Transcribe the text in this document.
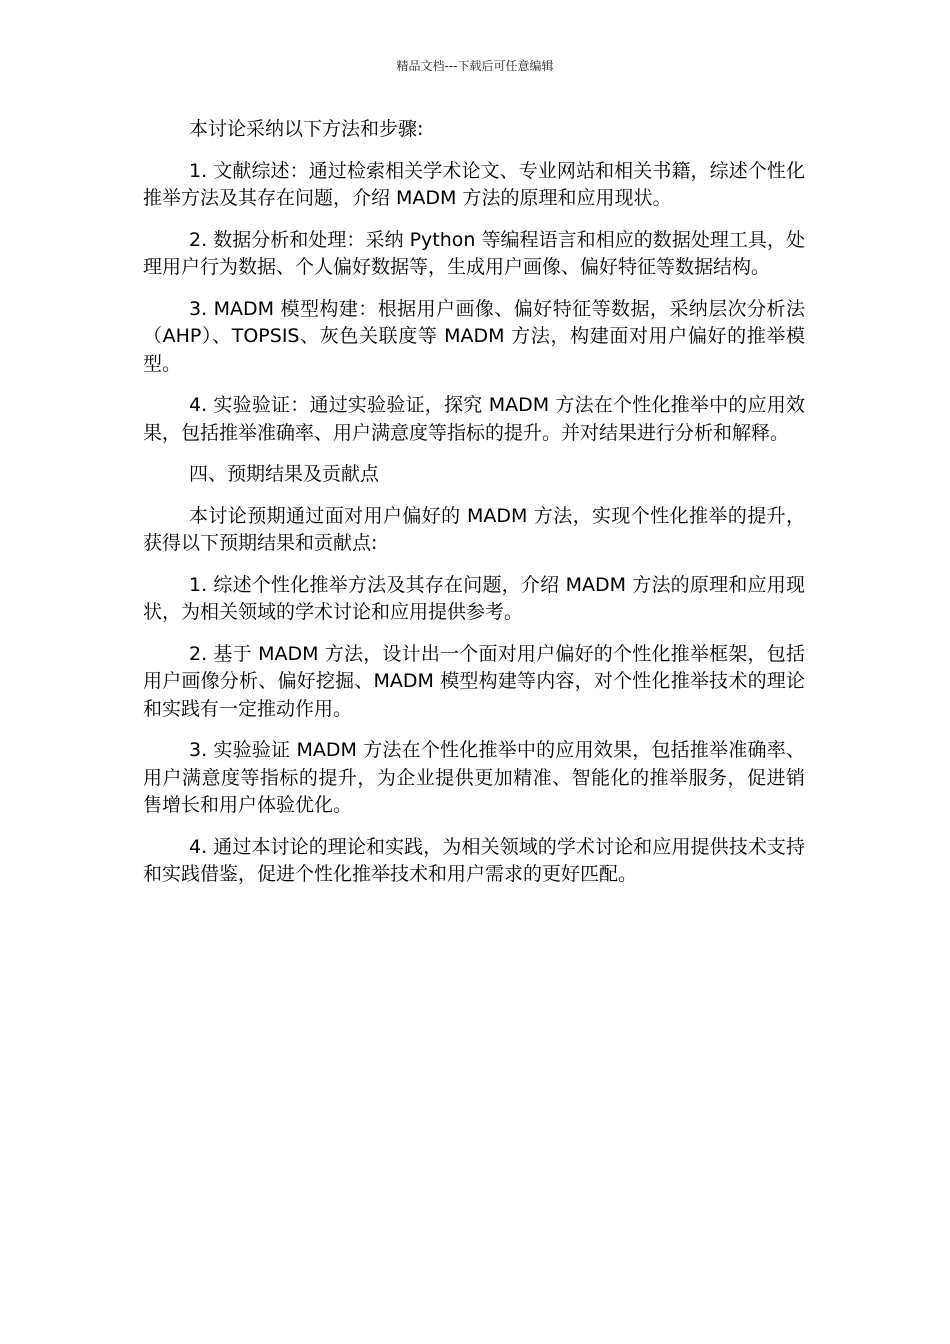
精品文档---下载后可任意编辑

本讨论采纳以下方法和步骤:

1. 文献综述：通过检索相关学术论文、专业网站和相关书籍，综述个性化推举方法及其存在问题，介绍 MADM 方法的原理和应用现状。

2. 数据分析和处理：采纳 Python 等编程语言和相应的数据处理工具，处理用户行为数据、个人偏好数据等，生成用户画像、偏好特征等数据结构。

3. MADM 模型构建：根据用户画像、偏好特征等数据，采纳层次分析法（AHP）、TOPSIS、灰色关联度等 MADM 方法，构建面对用户偏好的推举模型。

4. 实验验证：通过实验验证，探究 MADM 方法在个性化推举中的应用效果，包括推举准确率、用户满意度等指标的提升。并对结果进行分析和解释。

四、预期结果及贡献点

本讨论预期通过面对用户偏好的 MADM 方法，实现个性化推举的提升，获得以下预期结果和贡献点:

1. 综述个性化推举方法及其存在问题，介绍 MADM 方法的原理和应用现状，为相关领域的学术讨论和应用提供参考。

2. 基于 MADM 方法，设计出一个面对用户偏好的个性化推举框架，包括用户画像分析、偏好挖掘、MADM 模型构建等内容，对个性化推举技术的理论和实践有一定推动作用。

3. 实验验证 MADM 方法在个性化推举中的应用效果，包括推举准确率、用户满意度等指标的提升，为企业提供更加精准、智能化的推举服务，促进销售增长和用户体验优化。

4. 通过本讨论的理论和实践，为相关领域的学术讨论和应用提供技术支持和实践借鉴，促进个性化推举技术和用户需求的更好匹配。
